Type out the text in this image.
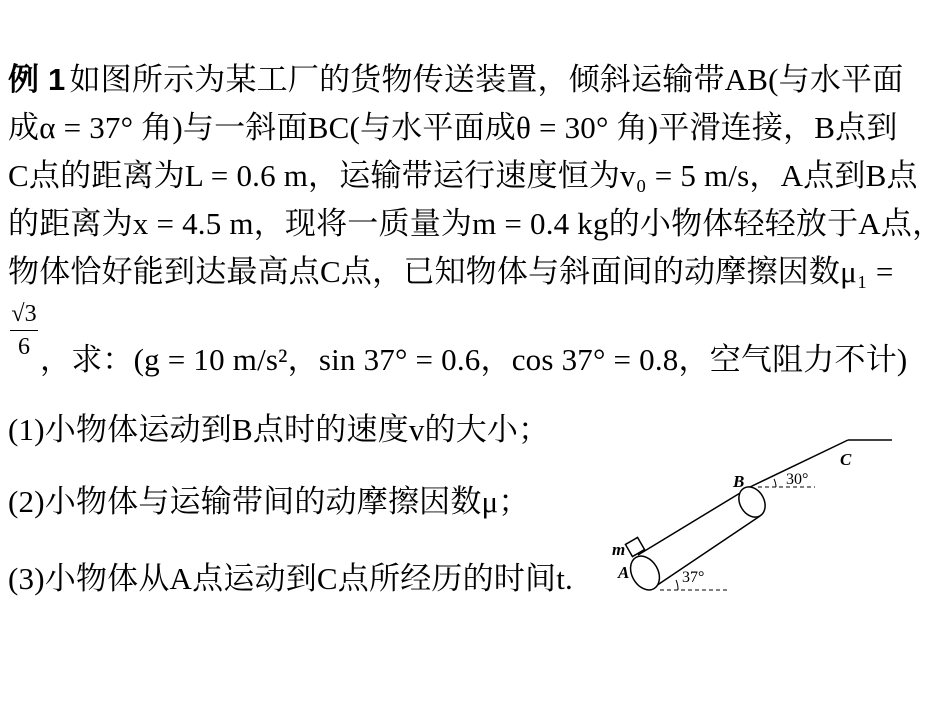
例 1 如图所示为某工厂的货物传送装置，倾斜运输带AB(与水平面
成α = 37° 角)与一斜面BC(与水平面成θ = 30° 角)平滑连接，B点到
C点的距离为L = 0.6 m，运输带运行速度恒为v₀ = 5 m/s，A点到B点
的距离为x = 4.5 m，现将一质量为m = 0.4 kg的小物体轻轻放于A点，
物体恰好能到达最高点C点，已知物体与斜面间的动摩擦因数μ₁ =
√3
6 ，求：(g = 10 m/s²，sin 37° = 0.6，cos 37° = 0.8，空气阻力不计)
(1)小物体运动到B点时的速度v的大小；
(2)小物体与运输带间的动摩擦因数μ；
(3)小物体从A点运动到C点所经历的时间t.
C
B	30°
m
A	37°
